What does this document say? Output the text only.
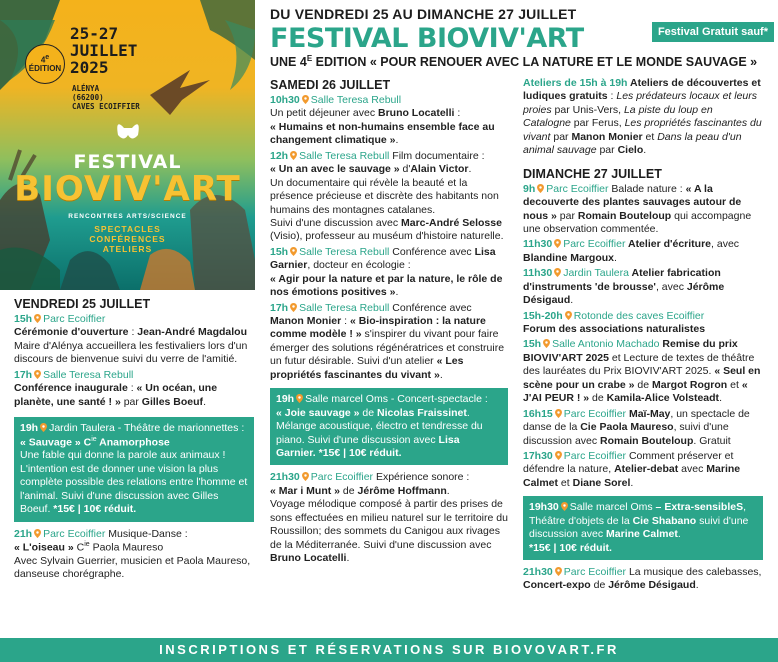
25-27
JUILLET
2025
ALÉNYA
(66200)
CAVES ECOIFFIER
4e
ÉDITION
FESTIVAL
BIOVIV'ART
RENCONTRES ARTS/SCIENCE
SPECTACLES
CONFÉRENCES
ATELIERS
DU VENDREDI 25 AU DIMANCHE 27 JUILLET
FESTIVAL BIOVIV'ART
UNE $4^E$ EDITION « POUR RENOUER AVEC LA NATURE ET LE MONDE SAUVAGE »
Festival Gratuit sauf*
VENDREDI 25 JUILLET
15h Parc Ecoiffier
Cérémonie d'ouverture : Jean-André Magdalou Maire d'Alénya accueillera les festivaliers lors d'un discours de bienvenue suivi du verre de l'amitié.
17h Salle Teresa Rebull
Conférence inaugurale : « Un océan, une planète, une santé ! » par Gilles Boeuf.
19h Jardin Taulera - Théâtre de marionnettes : « Sauvage » $C^{ie}$ Anamorphose
Une fable qui donne la parole aux animaux ! L'intention est de donner une vision la plus complète possible des relations entre l'homme et l'animal. Suivi d'une discussion avec Gilles Boeuf. *15€ | 10€ réduit.
21h Parc Ecoiffier Musique-Danse :
« L'oiseau » $C^{ie}$ Paola Maureso
Avec Sylvain Guerrier, musicien et Paola Maureso, danseuse chorégraphe.
SAMEDI 26 JUILLET
10h30 Salle Teresa Rebull
Un petit déjeuner avec Bruno Locatelli :
« Humains et non-humains ensemble face au changement climatique ».
12h Salle Teresa Rebull Film documentaire :
« Un an avec le sauvage » d'Alain Victor.
Un documentaire qui révèle la beauté et la présence précieuse et discrète des habitants non humains des montagnes catalanes.
Suivi d'une discussion avec Marc-André Selosse (Visio), professeur au muséum d'histoire naturelle.
15h Salle Teresa Rebull Conférence avec Lisa Garnier, docteur en écologie :
« Agir pour la nature et par la nature, le rôle de nos émotions positives ».
17h Salle Teresa Rebull Conférence avec Manon Monier : « Bio-inspiration : la nature comme modèle ! » s'inspirer du vivant pour faire émerger des solutions régénératrices et construire un futur désirable. Suivi d'un atelier « Les propriétés fascinantes du vivant ».
19h Salle marcel Oms - Concert-spectacle :
« Joie sauvage » de Nicolas Fraissinet.
Mélange acoustique, électro et tendresse du piano. Suivi d'une discussion avec Lisa Garnier. *15€ | 10€ réduit.
21h30 Parc Ecoiffier Expérience sonore :
« Mar i Munt » de Jérôme Hoffmann.
Voyage mélodique composé à partir des prises de sons effectuées en milieu naturel sur le territoire du Roussillon; des sommets du Canigou aux rivages de la Méditerranée. Suivi d'une discussion avec Bruno Locatelli.
Ateliers de 15h à 19h Ateliers de découvertes et ludiques gratuits : Les prédateurs locaux et leurs proies par Unis-Vers, La piste du loup en Catalogne par Ferus, Les propriétés fascinantes du vivant par Manon Monier et Dans la peau d'un animal sauvage par Cielo.
DIMANCHE 27 JUILLET
9h Parc Ecoiffier Balade nature : « A la decouverte des plantes sauvages autour de nous » par Romain Bouteloup qui accompagne une observation commentée.
11h30 Parc Ecoiffier Atelier d'écriture, avec Blandine Margoux.
11h30 Jardin Taulera Atelier fabrication d'instruments 'de brousse', avec Jérôme Désigaud.
15h-20h Rotonde des caves Ecoiffier
Forum des associations naturalistes
15h Salle Antonio Machado Remise du prix BIOVIV'ART 2025 et Lecture de textes de théâtre des lauréates du Prix BIOVIV'ART 2025. « Seul en scène pour un crabe » de Margot Rogron et « J'AI PEUR ! » de Kamila-Alice Volsteadt.
16h15 Parc Ecoiffier Maï-May, un spectacle de danse de la Cie Paola Maureso, suivi d'une discussion avec Romain Bouteloup. Gratuit
17h30 Parc Ecoiffier Comment préserver et défendre la nature, Atelier-debat avec Marine Calmet et Diane Sorel.
19h30 Salle marcel Oms – Extra-sensibleS, Théâtre d'objets de la Cie Shabano suivi d'une discussion avec Marine Calmet.
*15€ | 10€ réduit.
21h30 Parc Ecoiffier La musique des calebasses, Concert-expo de Jérôme Désigaud.
INSCRIPTIONS ET RÉSERVATIONS SUR BIOVOVART.FR
